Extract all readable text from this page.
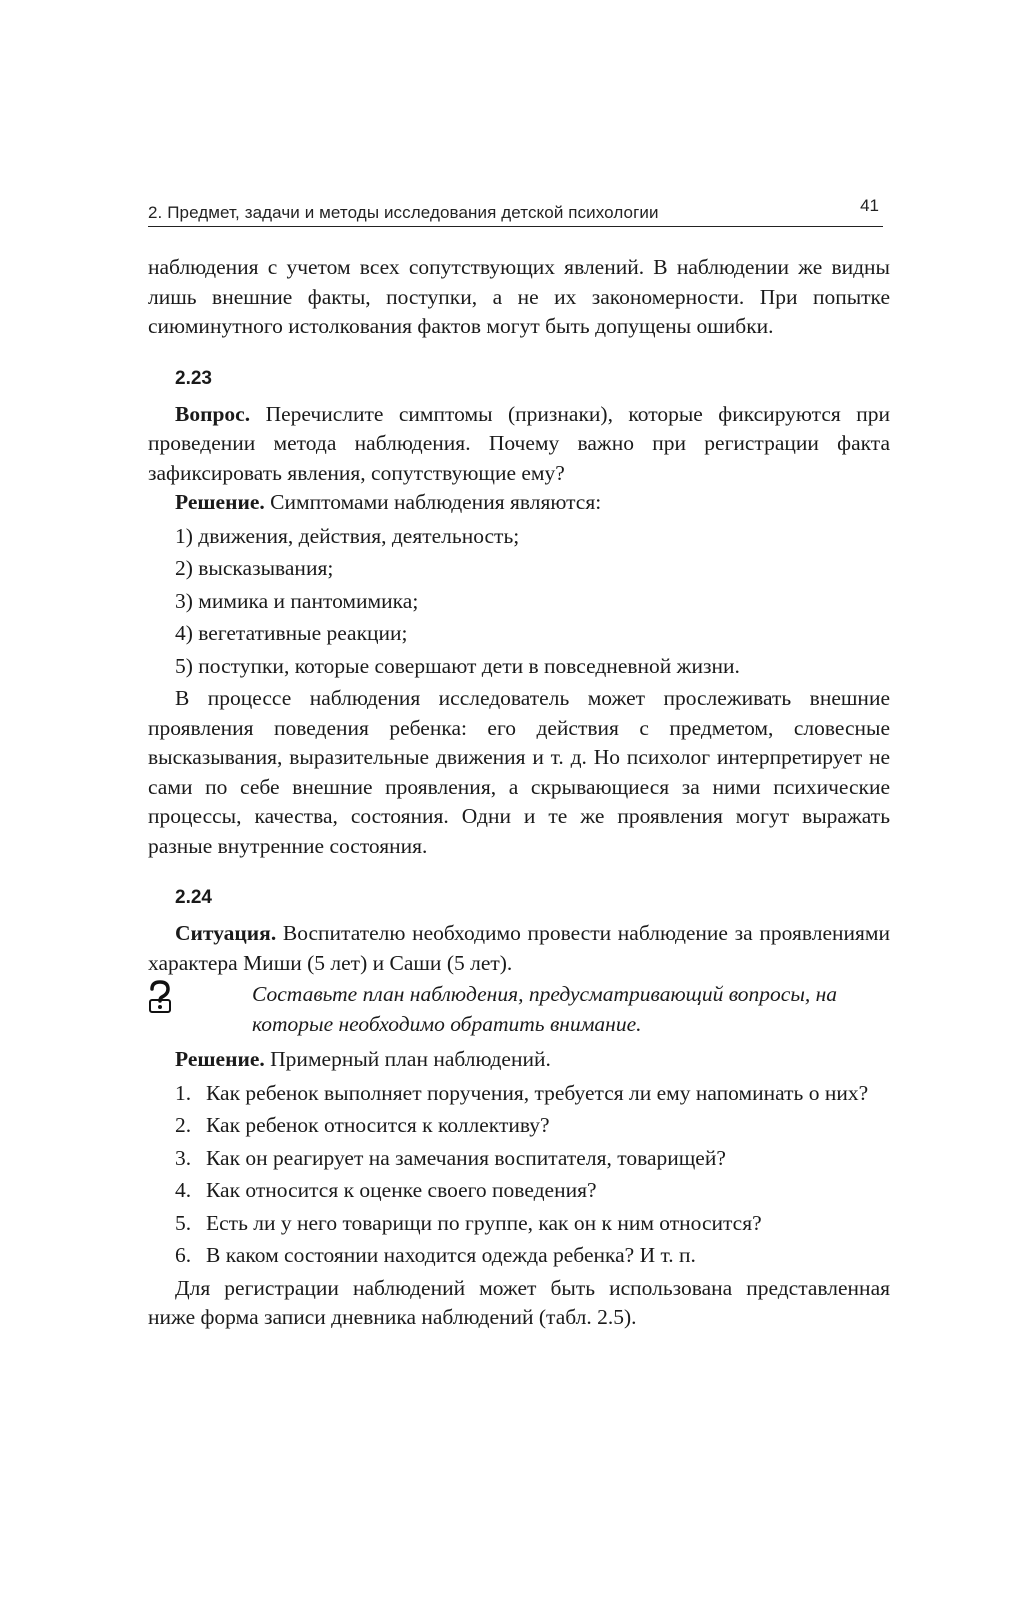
2. Предмет, задачи и методы исследования детской психологии	41

наблюдения с учетом всех сопутствующих явлений. В наблюдении же видны лишь внешние факты, поступки, а не их закономерности. При попытке сиюминутного истолкования фактов могут быть допущены ошибки.

2.23

Вопрос. Перечислите симптомы (признаки), которые фиксируются при проведении метода наблюдения. Почему важно при регистрации факта зафиксировать явления, сопутствующие ему?

Решение. Симптомами наблюдения являются:

1) движения, действия, деятельность;
2) высказывания;
3) мимика и пантомимика;
4) вегетативные реакции;
5) поступки, которые совершают дети в повседневной жизни.

В процессе наблюдения исследователь может прослеживать внешние проявления поведения ребенка: его действия с предметом, словесные высказывания, выразительные движения и т. д. Но психолог интерпретирует не сами по себе внешние проявления, а скрывающиеся за ними психические процессы, качества, состояния. Одни и те же проявления могут выражать разные внутренние состояния.

2.24

Ситуация. Воспитателю необходимо провести наблюдение за проявлениями характера Миши (5 лет) и Саши (5 лет).

Составьте план наблюдения, предусматривающий вопросы, на которые необходимо обратить внимание.

Решение. Примерный план наблюдений.

1. Как ребенок выполняет поручения, требуется ли ему напоминать о них?
2. Как ребенок относится к коллективу?
3. Как он реагирует на замечания воспитателя, товарищей?
4. Как относится к оценке своего поведения?
5. Есть ли у него товарищи по группе, как он к ним относится?
6. В каком состоянии находится одежда ребенка? И т. п.

Для регистрации наблюдений может быть использована представленная ниже форма записи дневника наблюдений (табл. 2.5).
